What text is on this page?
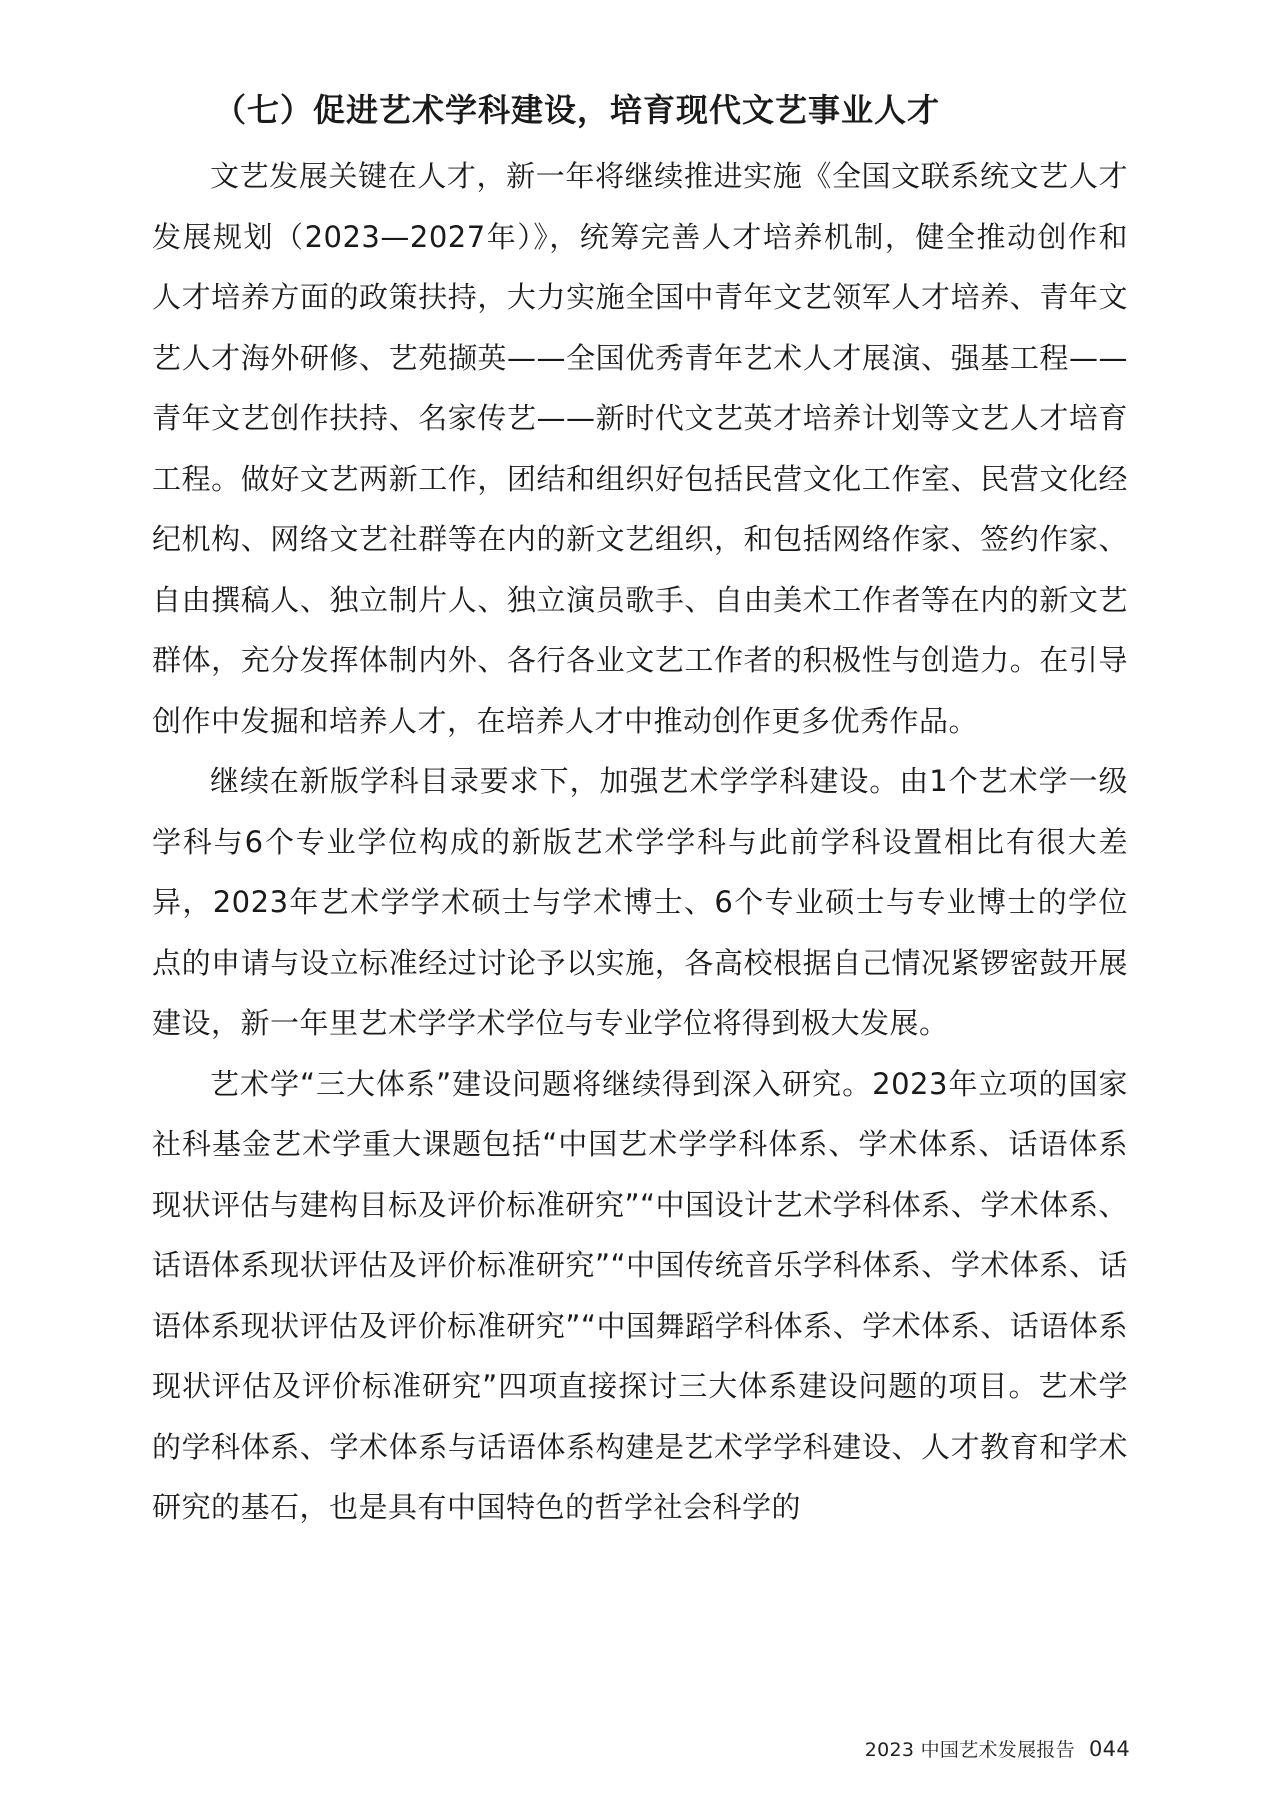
（七）促进艺术学科建设，培育现代文艺事业人才

文艺发展关键在人才，新一年将继续推进实施《全国文联系统文艺人才发展规划（2023—2027年）》，统筹完善人才培养机制，健全推动创作和人才培养方面的政策扶持，大力实施全国中青年文艺领军人才培养、青年文艺人才海外研修、艺苑撷英——全国优秀青年艺术人才展演、强基工程——青年文艺创作扶持、名家传艺——新时代文艺英才培养计划等文艺人才培育工程。做好文艺两新工作，团结和组织好包括民营文化工作室、民营文化经纪机构、网络文艺社群等在内的新文艺组织，和包括网络作家、签约作家、自由撰稿人、独立制片人、独立演员歌手、自由美术工作者等在内的新文艺群体，充分发挥体制内外、各行各业文艺工作者的积极性与创造力。在引导创作中发掘和培养人才，在培养人才中推动创作更多优秀作品。

继续在新版学科目录要求下，加强艺术学学科建设。由1个艺术学一级学科与6个专业学位构成的新版艺术学学科与此前学科设置相比有很大差异，2023年艺术学学术硕士与学术博士、6个专业硕士与专业博士的学位点的申请与设立标准经过讨论予以实施，各高校根据自己情况紧锣密鼓开展建设，新一年里艺术学学术学位与专业学位将得到极大发展。

艺术学“三大体系”建设问题将继续得到深入研究。2023年立项的国家社科基金艺术学重大课题包括“中国艺术学学科体系、学术体系、话语体系现状评估与建构目标及评价标准研究”“中国设计艺术学科体系、学术体系、话语体系现状评估及评价标准研究”“中国传统音乐学科体系、学术体系、话语体系现状评估及评价标准研究”“中国舞蹈学科体系、学术体系、话语体系现状评估及评价标准研究”四项直接探讨三大体系建设问题的项目。艺术学的学科体系、学术体系与话语体系构建是艺术学学科建设、人才教育和学术研究的基石，也是具有中国特色的哲学社会科学的

2023 中国艺术发展报告 044
